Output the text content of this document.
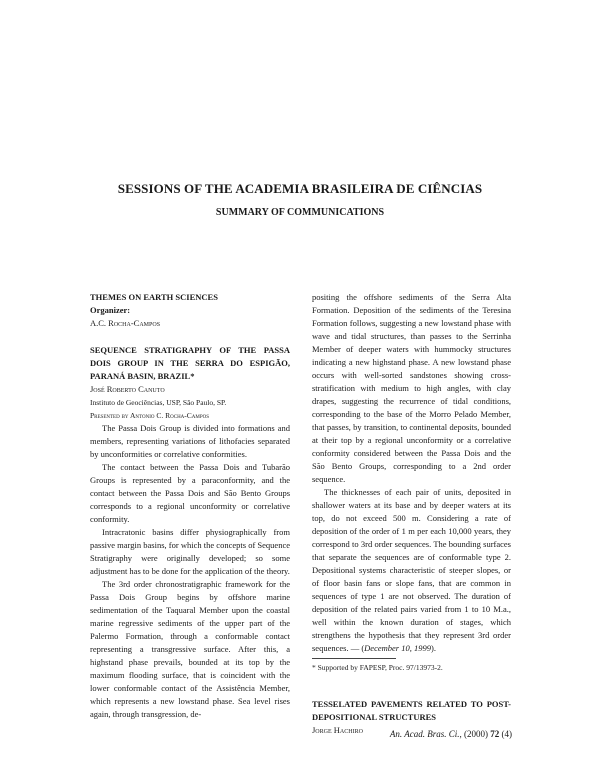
SESSIONS OF THE ACADEMIA BRASILEIRA DE CIÊNCIAS
SUMMARY OF COMMUNICATIONS

THEMES ON EARTH SCIENCES

Organizer:

A.C. Rocha-Campos

SEQUENCE STRATIGRAPHY OF THE PASSA DOIS GROUP IN THE SERRA DO ESPIGÃO, PARANÁ BASIN, BRAZIL*

José Roberto Canuto

Instituto de Geociências, USP, São Paulo, SP.

Presented by Antonio C. Rocha-Campos

The Passa Dois Group is divided into formations and members, representing variations of lithofacies separated by unconformities or correlative conformities.

The contact between the Passa Dois and Tubarão Groups is represented by a paraconformity, and the contact between the Passa Dois and São Bento Groups corresponds to a regional unconformity or correlative conformity.

Intracratonic basins differ physiographically from passive margin basins, for which the concepts of Sequence Stratigraphy were originally developed; so some adjustment has to be done for the application of the theory.

The 3rd order chronostratigraphic framework for the Passa Dois Group begins by offshore marine sedimentation of the Taquaral Member upon the coastal marine regressive sediments of the upper part of the Palermo Formation, through a conformable contact representing a transgressive surface. After this, a highstand phase prevails, bounded at its top by the maximum flooding surface, that is coincident with the lower conformable contact of the Assistência Member, which represents a new lowstand phase. Sea level rises again, through transgression, de-

positing the offshore sediments of the Serra Alta Formation. Deposition of the sediments of the Teresina Formation follows, suggesting a new lowstand phase with wave and tidal structures, than passes to the Serrinha Member of deeper waters with hummocky structures indicating a new highstand phase. A new lowstand phase occurs with well-sorted sandstones showing cross-stratification with medium to high angles, with clay drapes, suggesting the recurrence of tidal conditions, corresponding to the base of the Morro Pelado Member, that passes, by transition, to continental deposits, bounded at their top by a regional unconformity or a correlative conformity considered between the Passa Dois and the São Bento Groups, corresponding to a 2nd order sequence.

The thicknesses of each pair of units, deposited in shallower waters at its base and by deeper waters at its top, do not exceed 500 m. Considering a rate of deposition of the order of 1 m per each 10,000 years, they correspond to 3rd order sequences. The bounding surfaces that separate the sequences are of conformable type 2. Depositional systems characteristic of steeper slopes, or of floor basin fans or slope fans, that are common in sequences of type 1 are not observed. The duration of deposition of the related pairs varied from 1 to 10 M.a., well within the known duration of stages, which strengthens the hypothesis that they represent 3rd order sequences. — (December 10, 1999).

* Supported by FAPESP, Proc. 97/13973-2.

TESSELATED PAVEMENTS RELATED TO POST-DEPOSITIONAL STRUCTURES

Jorge Hachiro	An. Acad. Bras. Ci., (2000) 72 (4)
